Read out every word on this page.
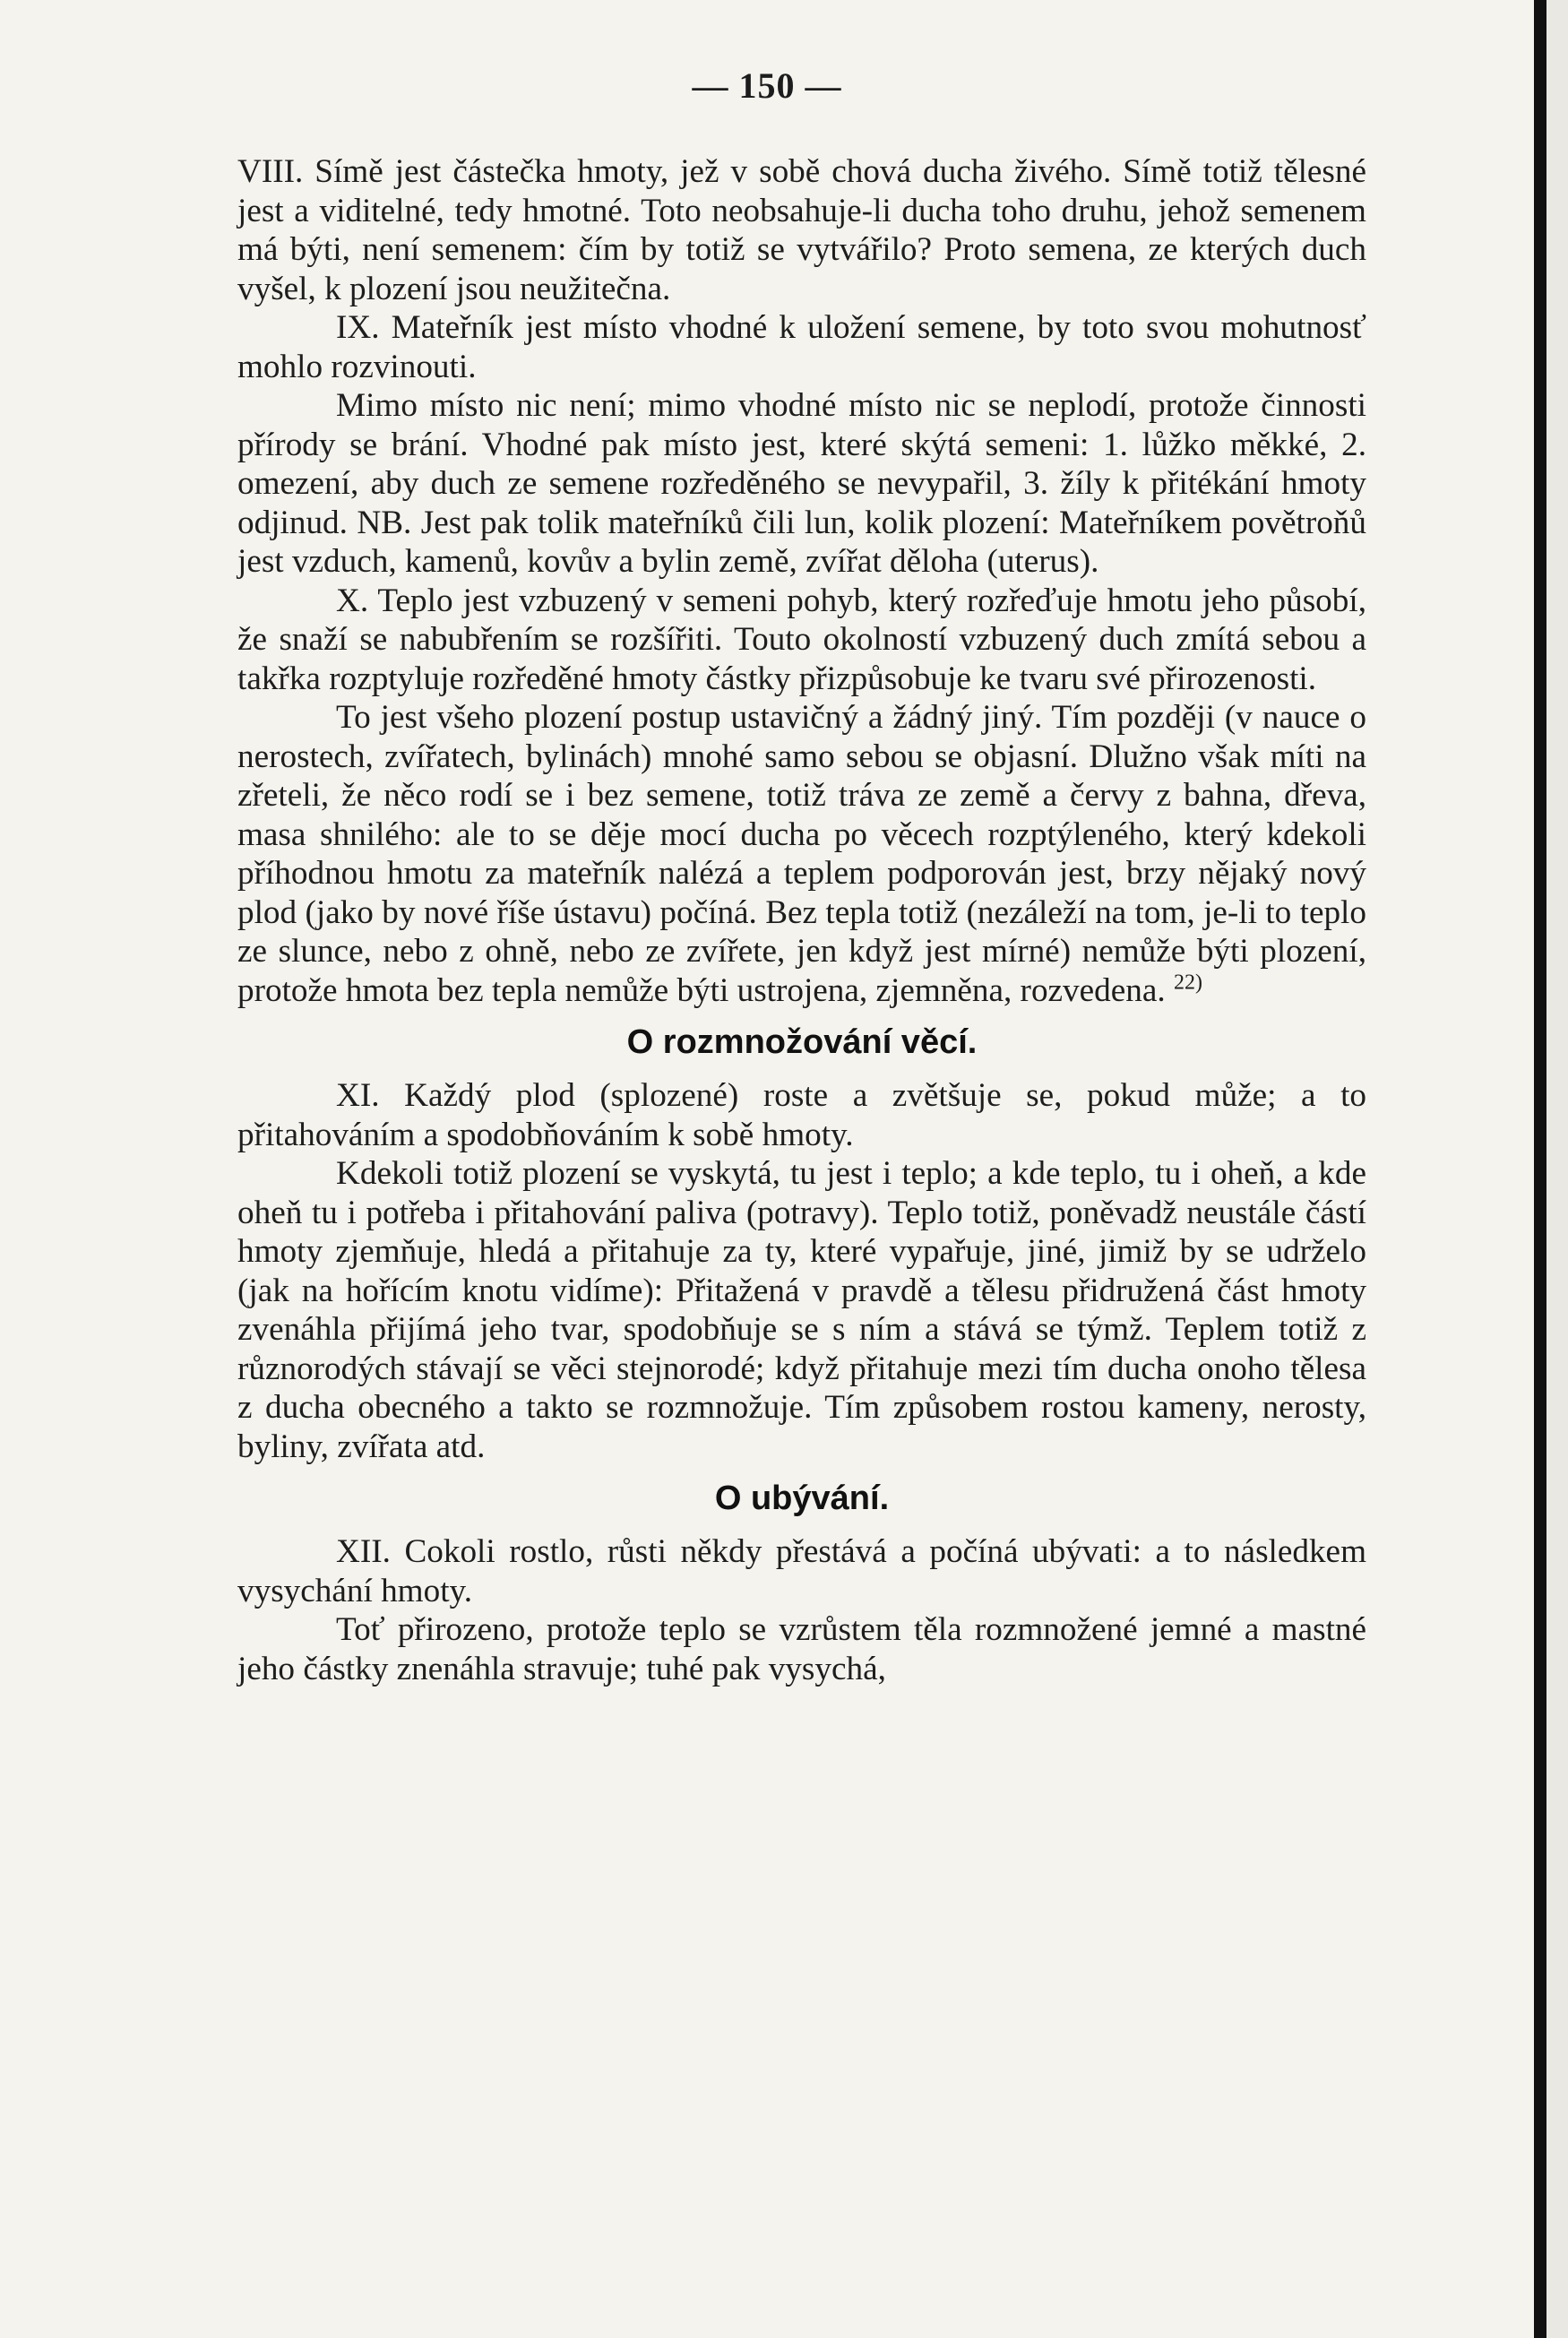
— 150 —

VIII. Símě jest částečka hmoty, jež v sobě chová ducha živého. Símě totiž tělesné jest a viditelné, tedy hmotné. Toto neobsahuje-li ducha toho druhu, jehož semenem má býti, není semenem: čím by totiž se vytvářilo? Proto semena, ze kterých duch vyšel, k plození jsou neužitečna.

IX. Mateřník jest místo vhodné k uložení semene, by toto svou mohutnosť mohlo rozvinouti.

Mimo místo nic není; mimo vhodné místo nic se neplodí, protože činnosti přírody se brání. Vhodné pak místo jest, které skýtá semeni: 1. lůžko měkké, 2. omezení, aby duch ze semene rozředěného se nevypařil, 3. žíly k přitékání hmoty odjinud. NB. Jest pak tolik mateřníků čili lun, kolik plození: Mateřníkem povětroňů jest vzduch, kamenů, kovův a bylin země, zvířat děloha (uterus).

X. Teplo jest vzbuzený v semeni pohyb, který rozřeďuje hmotu jeho působí, že snaží se nabubřením se rozšířiti. Touto okolností vzbuzený duch zmítá sebou a takřka rozptyluje rozředěné hmoty částky přizpůsobuje ke tvaru své přirozenosti.

To jest všeho plození postup ustavičný a žádný jiný. Tím později (v nauce o nerostech, zvířatech, bylinách) mnohé samo sebou se objasní. Dlužno však míti na zřeteli, že něco rodí se i bez semene, totiž tráva ze země a červy z bahna, dřeva, masa shnilého: ale to se děje mocí ducha po věcech rozptýleného, který kdekoli příhodnou hmotu za mateřník nalézá a teplem podporován jest, brzy nějaký nový plod (jako by nové říše ústavu) počíná. Bez tepla totiž (nezáleží na tom, je-li to teplo ze slunce, nebo z ohně, nebo ze zvířete, jen když jest mírné) nemůže býti plození, protože hmota bez tepla nemůže býti ustrojena, zjemněna, rozvedena. $^{22)}$

O rozmnožování věcí.

XI. Každý plod (splozené) roste a zvětšuje se, pokud může; a to přitahováním a spodobňováním k sobě hmoty.

Kdekoli totiž plození se vyskytá, tu jest i teplo; a kde teplo, tu i oheň, a kde oheň tu i potřeba i přitahování paliva (potravy). Teplo totiž, poněvadž neustále částí hmoty zjemňuje, hledá a přitahuje za ty, které vypařuje, jiné, jimiž by se udrželo (jak na hořícím knotu vidíme): Přitažená v pravdě a tělesu přidružená část hmoty zvenáhla přijímá jeho tvar, spodobňuje se s ním a stává se týmž. Teplem totiž z různorodých stávají se věci stejnorodé; když přitahuje mezi tím ducha onoho tělesa z ducha obecného a takto se rozmnožuje. Tím způsobem rostou kameny, nerosty, byliny, zvířata atd.

O ubývání.

XII. Cokoli rostlo, růsti někdy přestává a počíná ubývati: a to následkem vysychání hmoty.

Toť přirozeno, protože teplo se vzrůstem těla rozmnožené jemné a mastné jeho částky znenáhla stravuje; tuhé pak vysychá,
